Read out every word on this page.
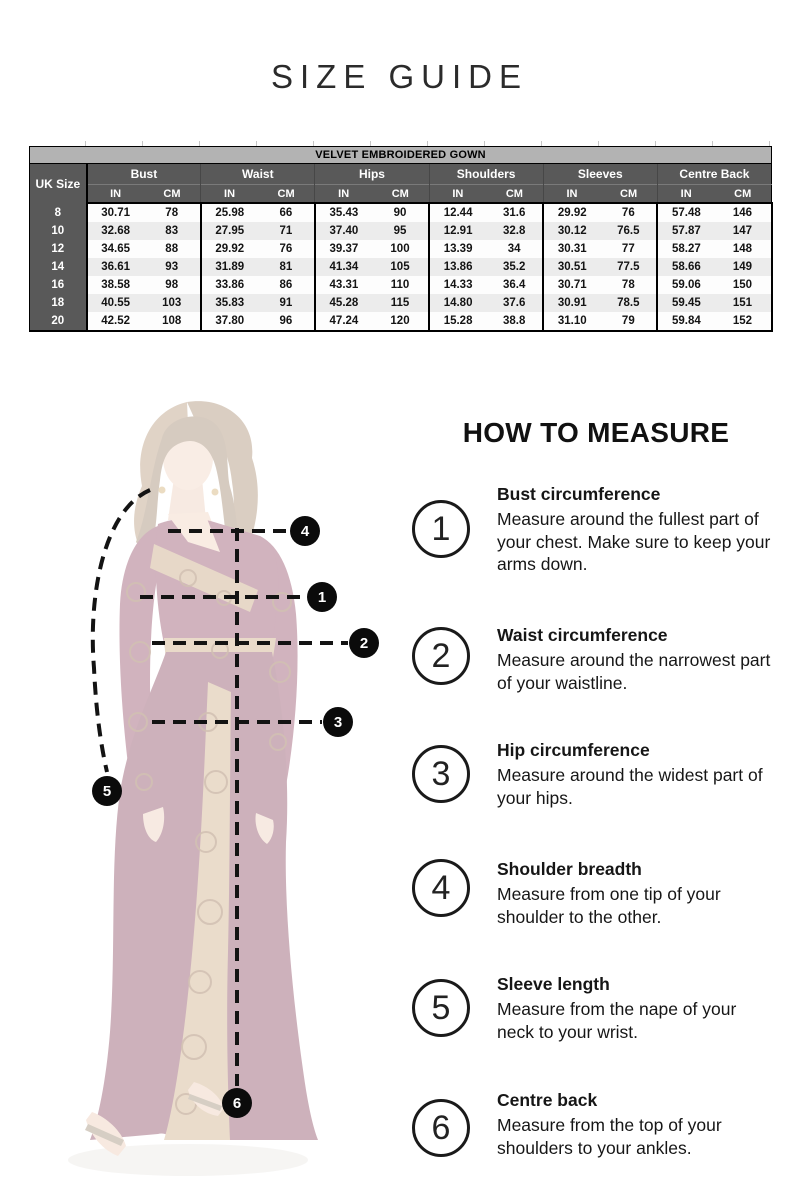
SIZE GUIDE
VELVET EMBROIDERED GOWN												
UK Size	Bust		Waist		Hips		Shoulders		Sleeves		Centre Back	
	IN	CM	IN	CM	IN	CM	IN	CM	IN	CM	IN	CM
8	30.71	78	25.98	66	35.43	90	12.44	31.6	29.92	76	57.48	146
10	32.68	83	27.95	71	37.40	95	12.91	32.8	30.12	76.5	57.87	147
12	34.65	88	29.92	76	39.37	100	13.39	34	30.31	77	58.27	148
14	36.61	93	31.89	81	41.34	105	13.86	35.2	30.51	77.5	58.66	149
16	38.58	98	33.86	86	43.31	110	14.33	36.4	30.71	78	59.06	150
18	40.55	103	35.83	91	45.28	115	14.80	37.6	30.91	78.5	59.45	151
20	42.52	108	37.80	96	47.24	120	15.28	38.8	31.10	79	59.84	152
4
1
2
3
5
6
HOW TO MEASURE
1
Bust circumference

Measure around the fullest part of your chest. Make sure to keep your arms down.

2
Waist circumference

Measure around the narrowest part of your waistline.

3
Hip circumference

Measure around the widest part of your hips.

4	Shoulder breadth

Measure from one tip of your shoulder to the other.

5
Sleeve length

Measure from the nape of your neck to your wrist.

6
Centre back

Measure from the top of your shoulders to your ankles.
